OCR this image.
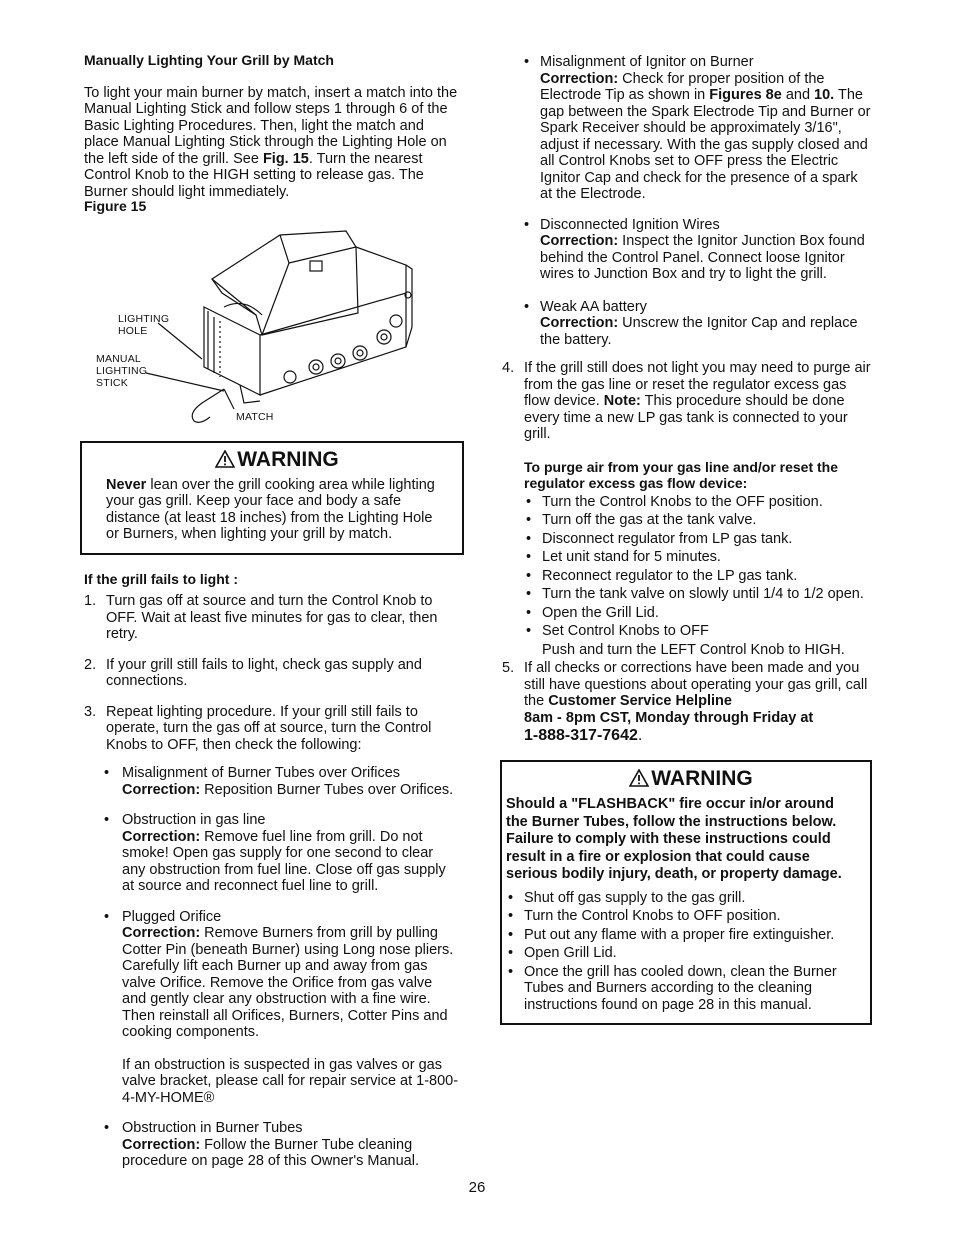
Manually Lighting Your Grill by Match

To light your main burner by match, insert a match into the Manual Lighting Stick and follow steps 1 through 6 of the Basic Lighting Procedures. Then, light the match and place Manual Lighting Stick through the Lighting Hole on the left side of the grill. See Fig. 15. Turn the nearest Control Knob to the HIGH setting to release gas. The Burner should light immediately.

Figure 15
LIGHTING HOLE
MANUAL LIGHTING STICK
MATCH
WARNING

Never lean over the grill cooking area while lighting your gas grill. Keep your face and body a safe distance (at least 18 inches) from the Lighting Hole or Burners, when lighting your grill by match.

If the grill fails to light :
1. Turn gas off at source and turn the Control Knob to OFF. Wait at least five minutes for gas to clear, then retry.
2. If your grill still fails to light, check gas supply and connections.
3. Repeat lighting procedure. If your grill still fails to operate, turn the gas off at source, turn the Control Knobs to OFF, then check the following:
• Misalignment of Burner Tubes over Orifices
Correction: Reposition Burner Tubes over Orifices.
• Obstruction in gas line
Correction: Remove fuel line from grill. Do not smoke! Open gas supply for one second to clear any obstruction from fuel line. Close off gas supply at source and reconnect fuel line to grill.
• Plugged Orifice
Correction: Remove Burners from grill by pulling Cotter Pin (beneath Burner) using Long nose pliers. Carefully lift each Burner up and away from gas valve Orifice. Remove the Orifice from gas valve and gently clear any obstruction with a fine wire. Then reinstall all Orifices, Burners, Cotter Pins and cooking components.

If an obstruction is suspected in gas valves or gas valve bracket, please call for repair service at 1-800-4-MY-HOME®

• Obstruction in Burner Tubes
Correction: Follow the Burner Tube cleaning procedure on page 28 of this Owner's Manual.
• Misalignment of Ignitor on Burner
Correction: Check for proper position of the Electrode Tip as shown in Figures 8e and 10. The gap between the Spark Electrode Tip and Burner or Spark Receiver should be approximately 3/16", adjust if necessary. With the gas supply closed and all Control Knobs set to OFF press the Electric Ignitor Cap and check for the presence of a spark at the Electrode.
• Disconnected Ignition Wires
Correction: Inspect the Ignitor Junction Box found behind the Control Panel. Connect loose Ignitor wires to Junction Box and try to light the grill.
• Weak AA battery
Correction: Unscrew the Ignitor Cap and replace the battery.
4. If the grill still does not light you may need to purge air from the gas line or reset the regulator excess gas flow device. Note: This procedure should be done every time a new LP gas tank is connected to your grill.
To purge air from your gas line and/or reset the regulator excess gas flow device:
• Turn the Control Knobs to the OFF position.
• Turn off the gas at the tank valve.
• Disconnect regulator from LP gas tank.
• Let unit stand for 5 minutes.
• Reconnect regulator to the LP gas tank.
• Turn the tank valve on slowly until 1/4 to 1/2 open.
• Open the Grill Lid.
• Set Control Knobs to OFF

Push and turn the LEFT Control Knob to HIGH.

5. If all checks or corrections have been made and you still have questions about operating your gas grill, call the Customer Service Helpline
8am - 8pm CST, Monday through Friday at
1-888-317-7642.
WARNING

Should a "FLASHBACK" fire occur in/or around the Burner Tubes, follow the instructions below. Failure to comply with these instructions could result in a fire or explosion that could cause serious bodily injury, death, or property damage.

• Shut off gas supply to the gas grill.
• Turn the Control Knobs to OFF position.
• Put out any flame with a proper fire extinguisher.
• Open Grill Lid.
• Once the grill has cooled down, clean the Burner Tubes and Burners according to the cleaning instructions found on page 28 in this manual.
26
